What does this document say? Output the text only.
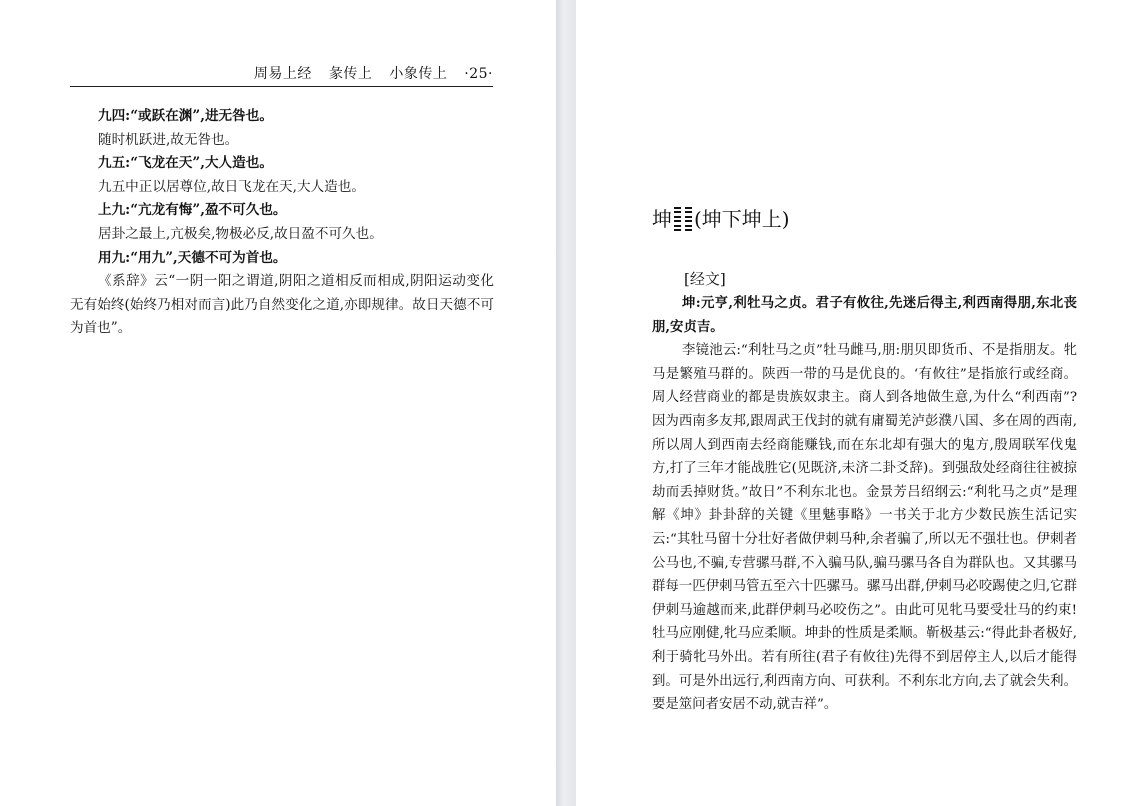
周易上经 彖传上 小象传上 ·25·

九四:“或跃在渊”,进无咎也。

随时机跃进,故无咎也。

九五:“飞龙在天”,大人造也。

九五中正以居尊位,故日飞龙在天,大人造也。

上九:“亢龙有悔”,盈不可久也。

居卦之最上,亢极矣,物极必反,故日盈不可久也。

用九:“用九”,天德不可为首也。

《系辞》云“一阴一阳之谓道,阴阳之道相反而相成,阴阳运动变化无有始终(始终乃相对而言)此乃自然变化之道,亦即规律。故日天德不可为首也”。

坤 (坤下坤上)
[经文]

坤:元亨,利牡马之贞。君子有攸往,先迷后得主,利西南得朋,东北丧朋,安贞吉。

李镜池云:“利牡马之贞”牡马雌马,朋:朋贝即货币、不是指朋友。牝马是繁殖马群的。陕西一带的马是优良的。‘有攸往”是指旅行或经商。周人经营商业的都是贵族奴隶主。商人到各地做生意,为什么“利西南”?因为西南多友邦,跟周武王伐封的就有庸蜀羌泸彭濮八国、多在周的西南,所以周人到西南去经商能赚钱,而在东北却有强大的鬼方,殷周联军伐鬼方,打了三年才能战胜它(见既济,未济二卦爻辞)。到强敌处经商往往被掠劫而丢掉财货。”故日”不利东北也。金景芳吕绍纲云:“利牝马之贞”是理解《坤》卦卦辞的关键《里魅事略》一书关于北方少数民族生活记实云:“其牡马留十分壮好者做伊刺马种,余者骗了,所以无不强壮也。伊刺者公马也,不骗,专营骡马群,不入骗马队,骗马骡马各自为群队也。又其骡马群每一匹伊刺马管五至六十匹骡马。骡马出群,伊刺马必咬踢使之归,它群伊刺马逾越而来,此群伊刺马必咬伤之”。由此可见牝马要受壮马的约束!牡马应刚健,牝马应柔顺。坤卦的性质是柔顺。靳极基云:“得此卦者极好,利于骑牝马外出。若有所往(君子有攸往)先得不到居停主人,以后才能得到。可是外出远行,利西南方向、可获利。不利东北方向,去了就会失利。要是筮问者安居不动,就吉祥”。
